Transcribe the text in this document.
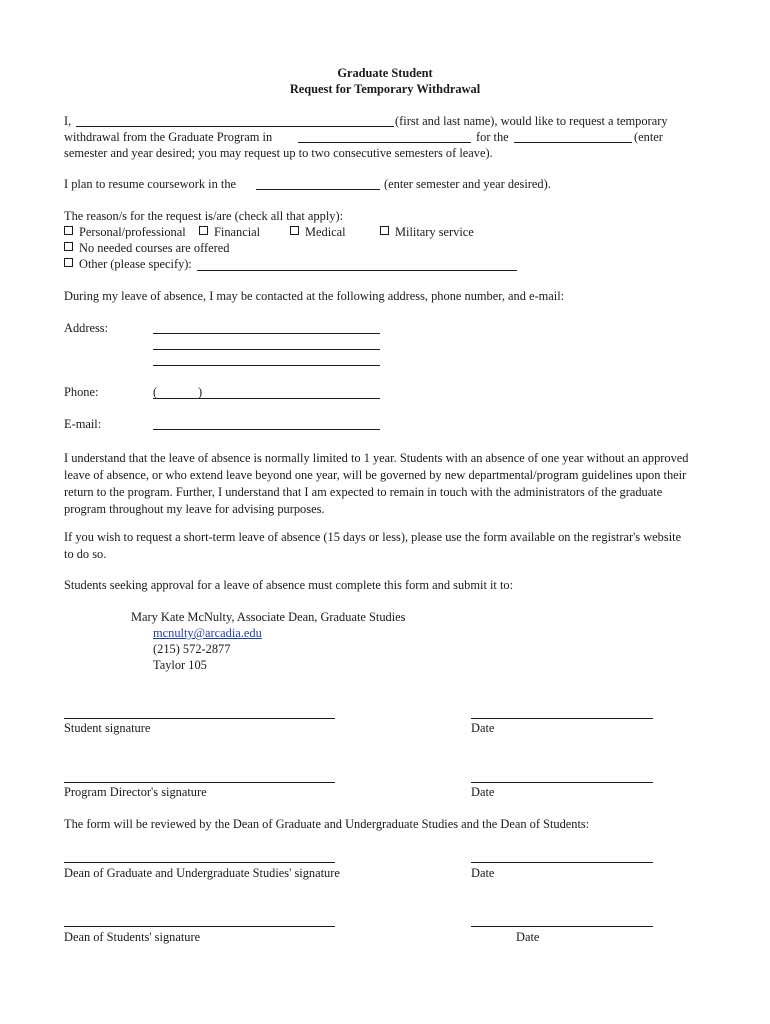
Graduate Student
Request for Temporary Withdrawal
I,	(first and last name), would like to request a temporary
withdrawal from the Graduate Program in	for the	(enter
semester and year desired; you may request up to two consecutive semesters of leave).
I plan to resume coursework in the	(enter semester and year desired).
The reason/s for the request is/are (check all that apply):
Personal/professional	Financial	Medical	Military service
No needed courses are offered
Other (please specify):
During my leave of absence, I may be contacted at the following address, phone number, and e-mail:
Address:
Phone:	(	)
E-mail:
I understand that the leave of absence is normally limited to 1 year. Students with an absence of one year without an approved leave of absence, or who extend leave beyond one year, will be governed by new departmental/program guidelines upon their return to the program. Further, I understand that I am expected to remain in touch with the administrators of the graduate program throughout my leave for advising purposes.
If you wish to request a short-term leave of absence (15 days or less), please use the form available on the registrar's website to do so.
Students seeking approval for a leave of absence must complete this form and submit it to:
Mary Kate McNulty, Associate Dean, Graduate Studies
mcnulty@arcadia.edu
(215) 572-2877
Taylor 105
Student signature	Date
Program Director's signature	Date
The form will be reviewed by the Dean of Graduate and Undergraduate Studies and the Dean of Students:
Dean of Graduate and Undergraduate Studies' signature	Date
Dean of Students' signature	Date
